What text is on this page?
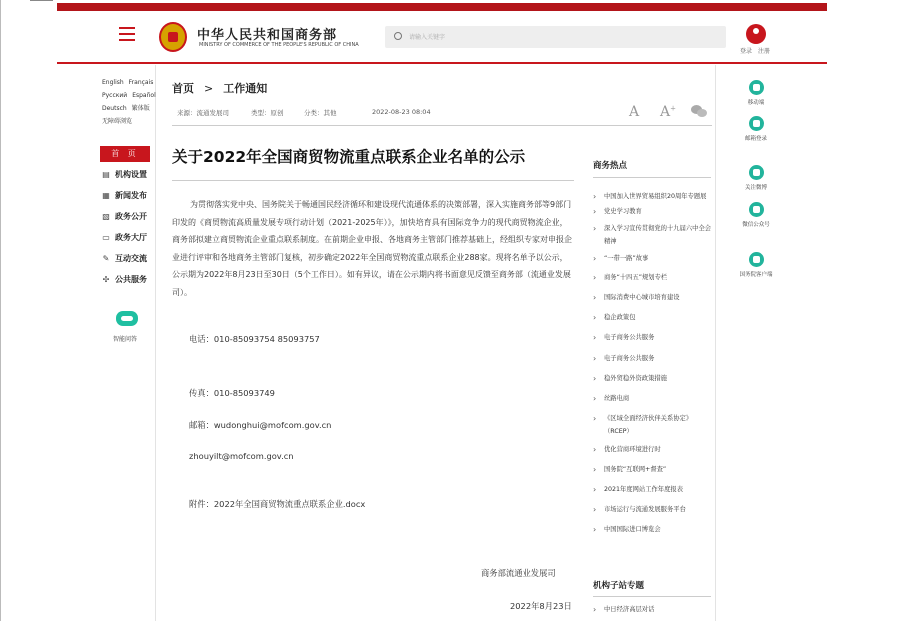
中华人民共和国商务部
MINISTRY OF COMMERCE OF THE PEOPLE'S REPUBLIC OF CHINA
请输入关键字
登录 注册
English Français
Русский Español
Deutsch 繁体版
无障碍浏览
首 页
▤ 机构设置
▦ 新闻发布
▧ 政务公开
▭ 政务大厅
✎ 互动交流
✣ 公共服务
智能问答
首页 > 工作通知
来源：流通发展司	类型：原创	分类：其他	2022-08-23 08:04	A A+
关于2022年全国商贸物流重点联系企业名单的公示
为贯彻落实党中央、国务院关于畅通国民经济循环和建设现代流通体系的决策部署，深入实施商务部等9部门印发的《商贸物流高质量发展专项行动计划（2021-2025年）》，加快培育具有国际竞争力的现代商贸物流企业，商务部拟建立商贸物流企业重点联系制度。在前期企业申报、各地商务主管部门推荐基础上，经组织专家对申报企业进行评审和各地商务主管部门复核，初步确定2022年全国商贸物流重点联系企业288家。现将名单予以公示，公示期为2022年8月23日至30日（5个工作日）。如有异议，请在公示期内将书面意见反馈至商务部（流通业发展司）。
电话：010-85093754 85093757
传真：010-85093749
邮箱：wudonghui@mofcom.gov.cn
zhouyilt@mofcom.gov.cn
附件：2022年全国商贸物流重点联系企业.docx
商务部流通业发展司
2022年8月23日
商务热点
› 中国加入世界贸易组织20周年专题展
› 党史学习教育
› 深入学习宣传贯彻党的十九届六中全会精神
› “一带一路”故事
› 商务“十四五”规划专栏
› 国际消费中心城市培育建设
› 稳企政策包
› 电子商务公共服务
› 电子商务公共服务
› 稳外贸稳外资政策措施
› 丝路电商
› 《区域全面经济伙伴关系协定》（RCEP）
› 优化营商环境进行时
› 国务院“互联网+督查”
› 2021年度网站工作年度报表
› 市场运行与流通发展服务平台
› 中国国际进口博览会
机构子站专题
› 中日经济高层对话
移动端
邮箱登录
关注微博
微信公众号
国务院客户端
